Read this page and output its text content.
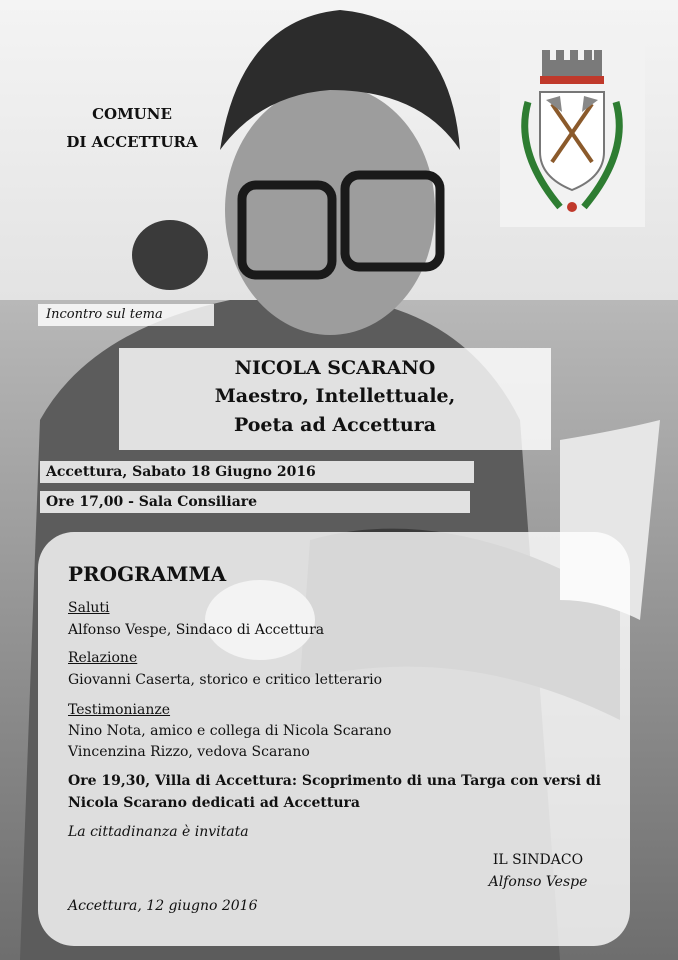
COMUNE
DI ACCETTURA
Incontro sul tema
NICOLA SCARANO
Maestro, Intellettuale,
Poeta ad Accettura
Accettura, Sabato 18 Giugno 2016
Ore 17,00 - Sala Consiliare
PROGRAMMA
Saluti
Alfonso Vespe, Sindaco di Accettura
Relazione
Giovanni Caserta, storico e critico letterario
Testimonianze
Nino Nota, amico e collega di Nicola Scarano
Vincenzina Rizzo, vedova Scarano
Ore 19,30, Villa di Accettura: Scoprimento di una Targa con versi di
Nicola Scarano dedicati ad Accettura
La cittadinanza è invitata
IL SINDACO
Alfonso Vespe
Accettura, 12 giugno 2016
